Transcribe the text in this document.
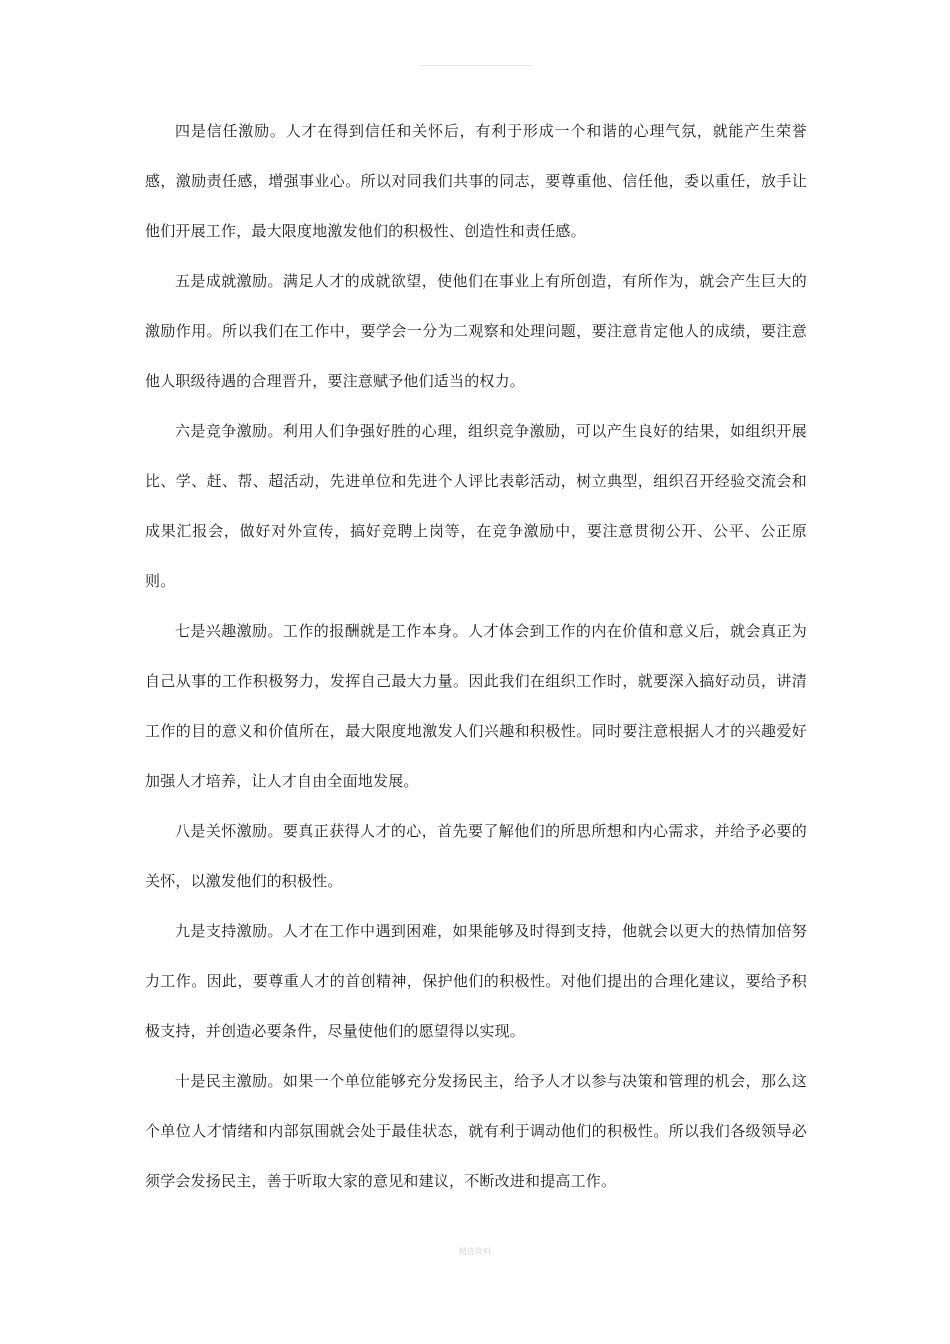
四是信任激励。人才在得到信任和关怀后，有利于形成一个和谐的心理气氛，就能产生荣誉感，激励责任感，增强事业心。所以对同我们共事的同志，要尊重他、信任他，委以重任，放手让他们开展工作，最大限度地激发他们的积极性、创造性和责任感。

五是成就激励。满足人才的成就欲望，使他们在事业上有所创造，有所作为，就会产生巨大的激励作用。所以我们在工作中，要学会一分为二观察和处理问题，要注意肯定他人的成绩，要注意他人职级待遇的合理晋升，要注意赋予他们适当的权力。

六是竞争激励。利用人们争强好胜的心理，组织竞争激励，可以产生良好的结果，如组织开展比、学、赶、帮、超活动，先进单位和先进个人评比表彰活动，树立典型，组织召开经验交流会和成果汇报会，做好对外宣传，搞好竞聘上岗等，在竞争激励中，要注意贯彻公开、公平、公正原则。

七是兴趣激励。工作的报酬就是工作本身。人才体会到工作的内在价值和意义后，就会真正为自己从事的工作积极努力，发挥自己最大力量。因此我们在组织工作时，就要深入搞好动员，讲清工作的目的意义和价值所在，最大限度地激发人们兴趣和积极性。同时要注意根据人才的兴趣爱好加强人才培养，让人才自由全面地发展。

八是关怀激励。要真正获得人才的心，首先要了解他们的所思所想和内心需求，并给予必要的关怀，以激发他们的积极性。

九是支持激励。人才在工作中遇到困难，如果能够及时得到支持，他就会以更大的热情加倍努力工作。因此，要尊重人才的首创精神，保护他们的积极性。对他们提出的合理化建议，要给予积极支持，并创造必要条件，尽量使他们的愿望得以实现。

十是民主激励。如果一个单位能够充分发扬民主，给予人才以参与决策和管理的机会，那么这个单位人才情绪和内部氛围就会处于最佳状态，就有利于调动他们的积极性。所以我们各级领导必须学会发扬民主，善于听取大家的意见和建议，不断改进和提高工作。

精选资料
